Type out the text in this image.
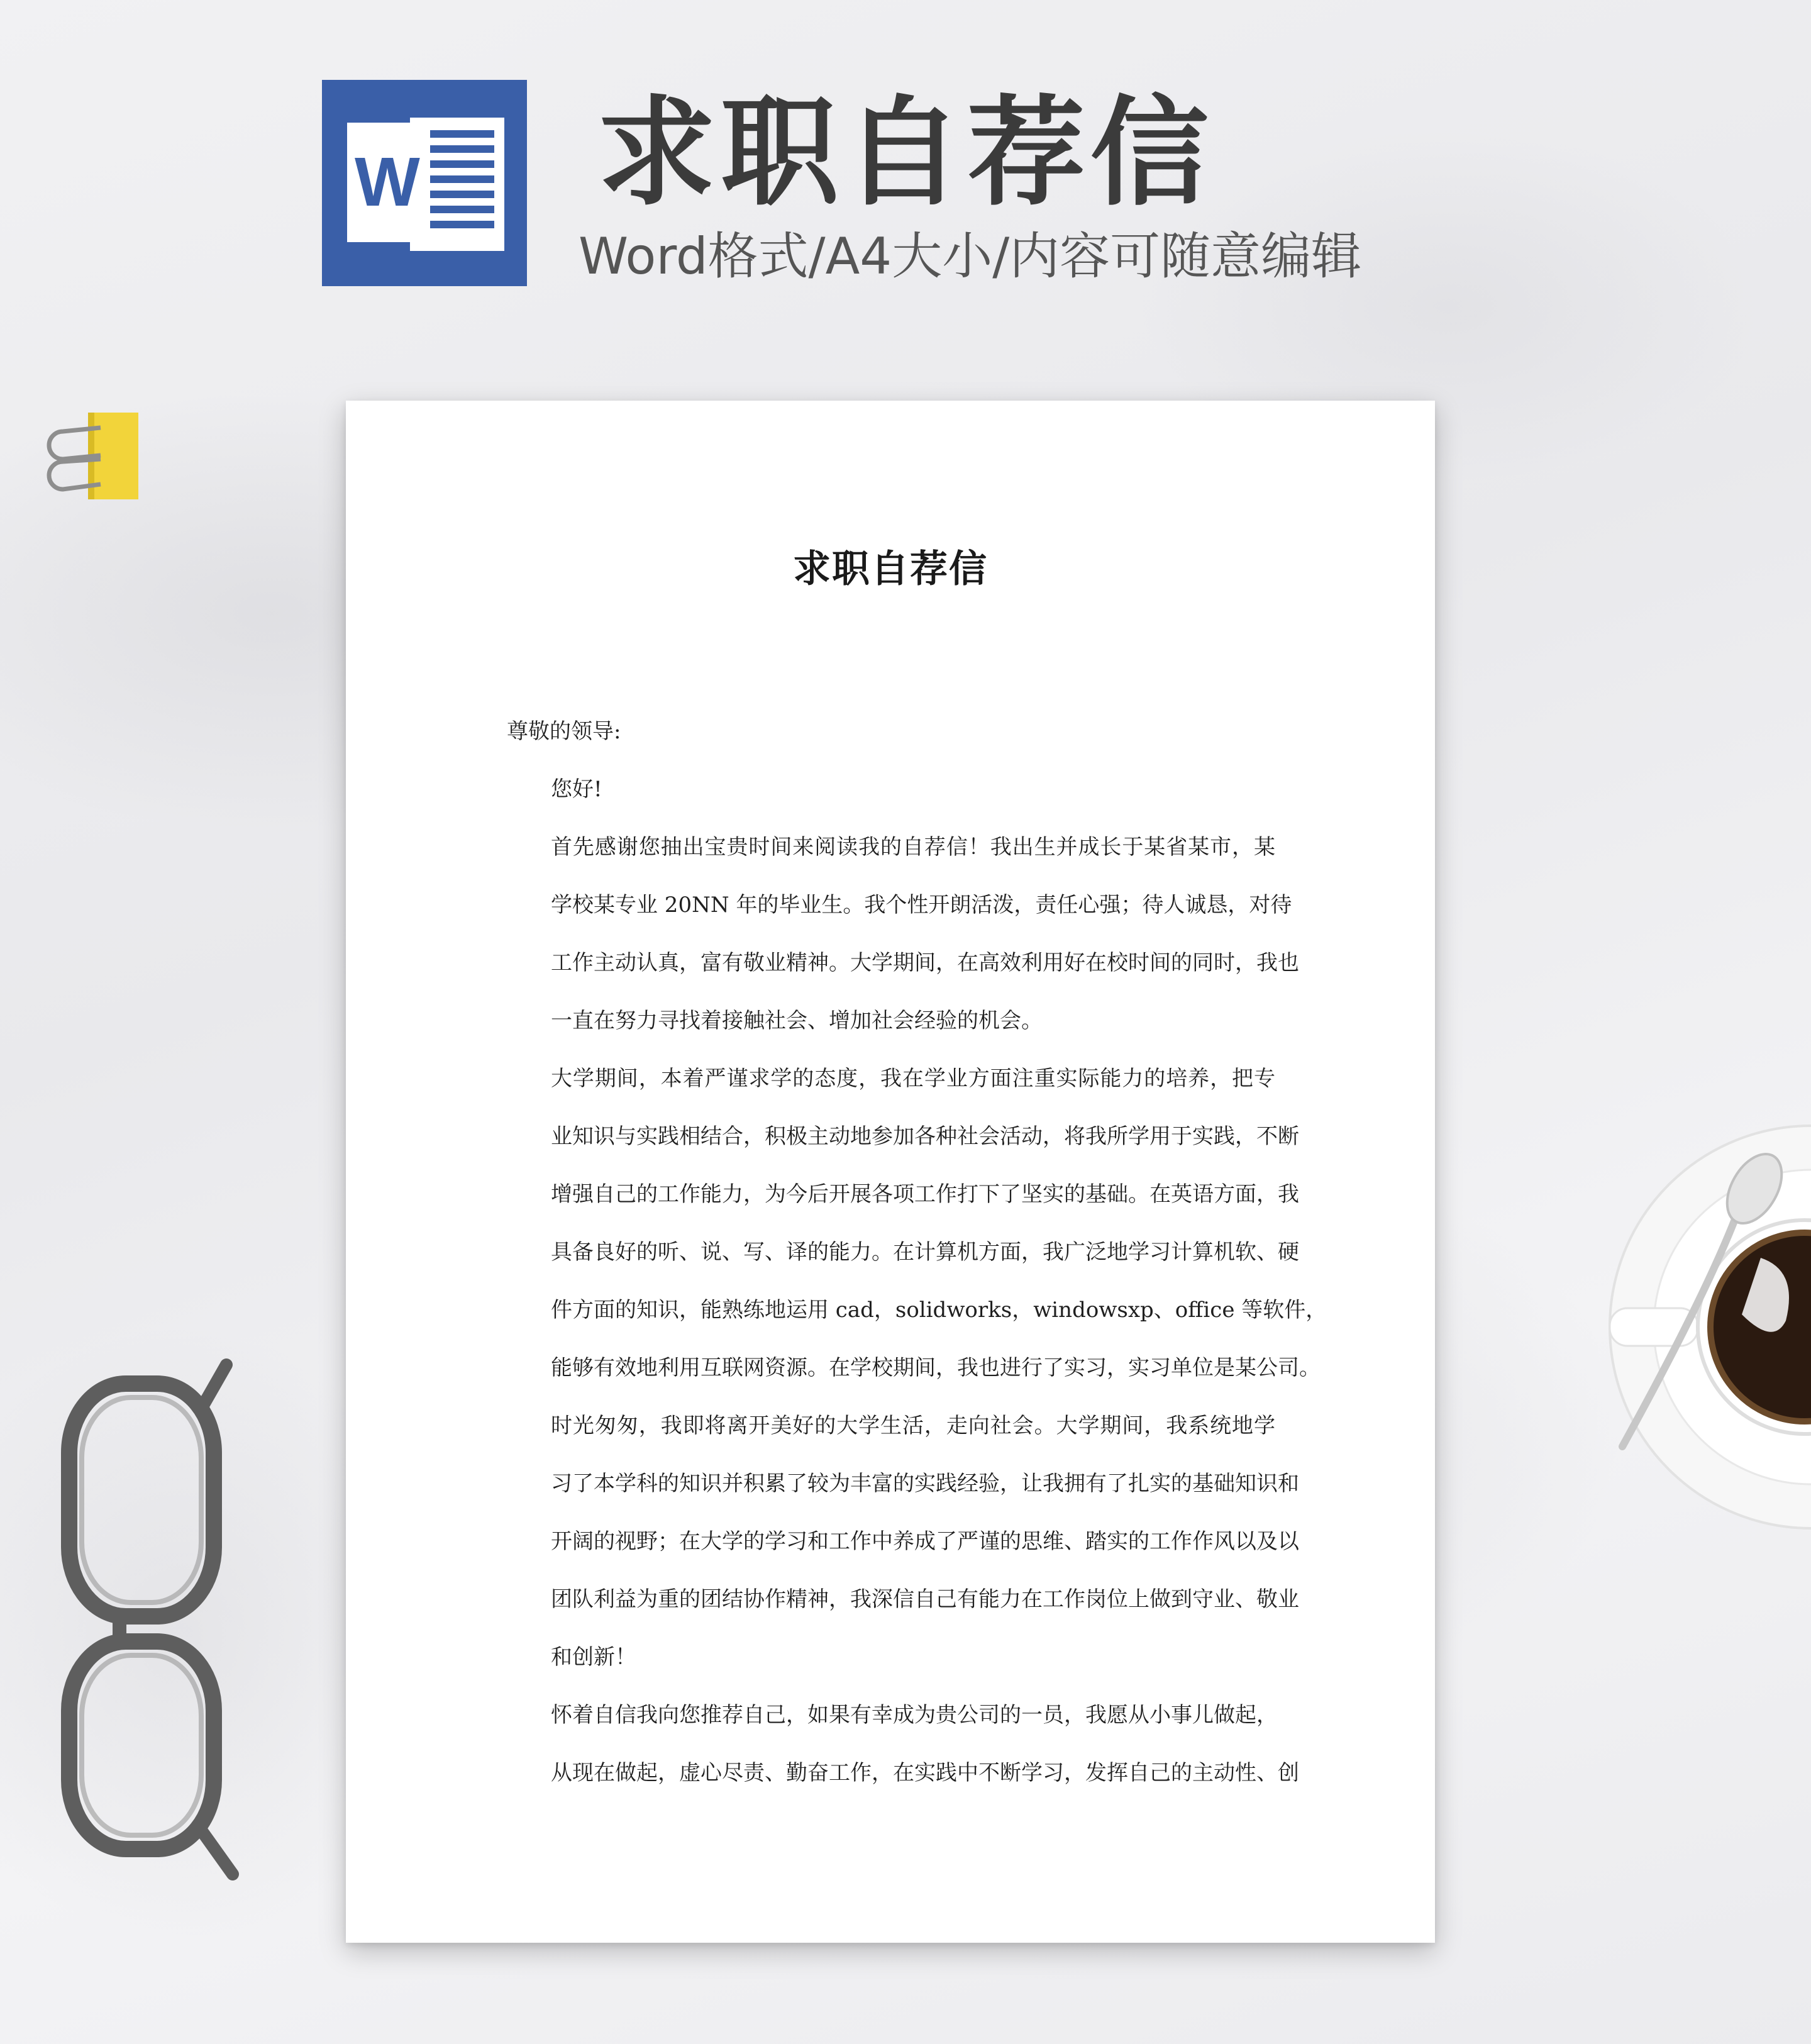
W 求职自荐信
Word格式/A4大小/内容可随意编辑
求职自荐信

尊敬的领导:

您好!

首先感谢您抽出宝贵时间来阅读我的自荐信！我出生并成长于某省某市，某
学校某专业 20NN 年的毕业生。我个性开朗活泼，责任心强；待人诚恳，对待
工作主动认真，富有敬业精神。大学期间，在高效利用好在校时间的同时，我也
一直在努力寻找着接触社会、增加社会经验的机会。

大学期间，本着严谨求学的态度，我在学业方面注重实际能力的培养，把专
业知识与实践相结合，积极主动地参加各种社会活动，将我所学用于实践，不断
增强自己的工作能力，为今后开展各项工作打下了坚实的基础。在英语方面，我
具备良好的听、说、写、译的能力。在计算机方面，我广泛地学习计算机软、硬
件方面的知识，能熟练地运用 cad，solidworks，windowsxp、office 等软件，
能够有效地利用互联网资源。在学校期间，我也进行了实习，实习单位是某公司。

时光匆匆，我即将离开美好的大学生活，走向社会。大学期间，我系统地学
习了本学科的知识并积累了较为丰富的实践经验，让我拥有了扎实的基础知识和
开阔的视野；在大学的学习和工作中养成了严谨的思维、踏实的工作作风以及以
团队利益为重的团结协作精神，我深信自己有能力在工作岗位上做到守业、敬业
和创新！

怀着自信我向您推荐自己，如果有幸成为贵公司的一员，我愿从小事儿做起，
从现在做起，虚心尽责、勤奋工作，在实践中不断学习，发挥自己的主动性、创
